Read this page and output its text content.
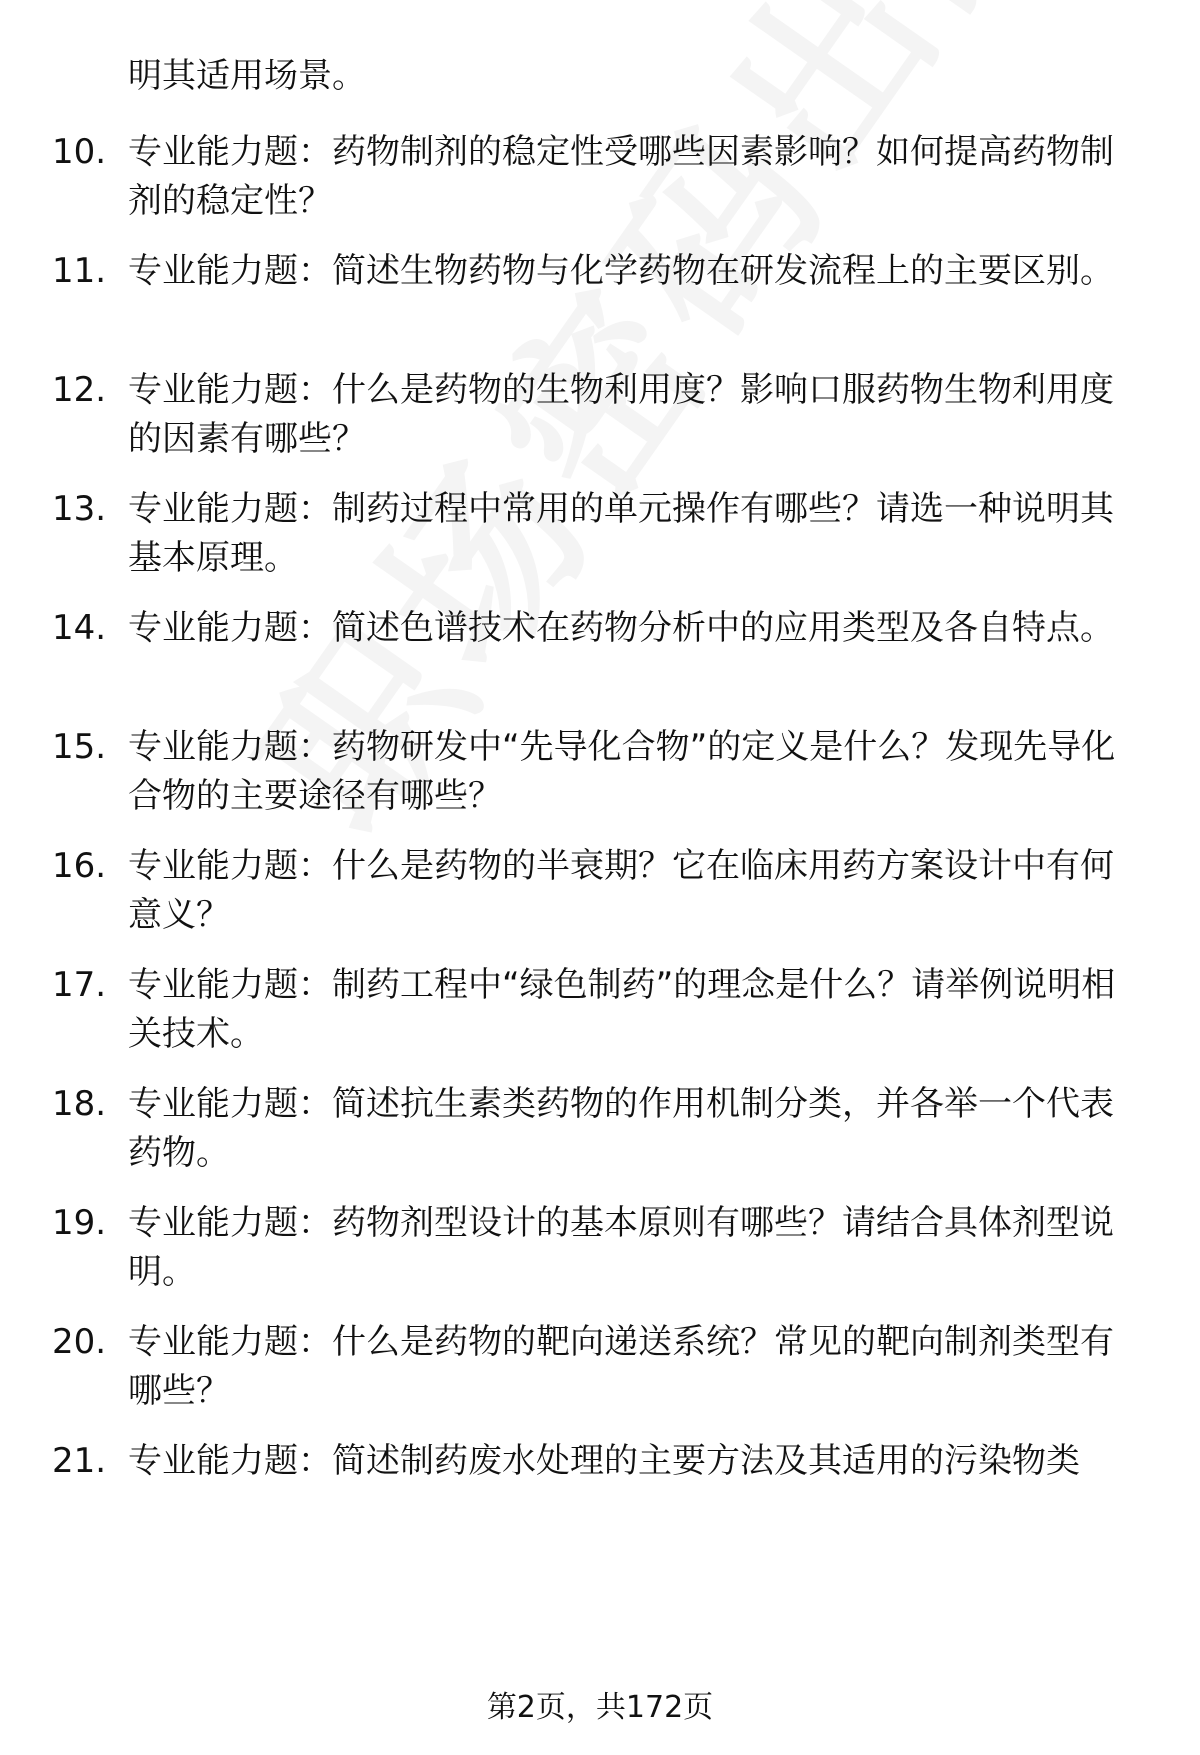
明其适用场景。
10. 专业能力题：药物制剂的稳定性受哪些因素影响？如何提高药物制剂的稳定性？
11. 专业能力题：简述生物药物与化学药物在研发流程上的主要区别。
12. 专业能力题：什么是药物的生物利用度？影响口服药物生物利用度的因素有哪些？
13. 专业能力题：制药过程中常用的单元操作有哪些？请选一种说明其基本原理。
14. 专业能力题：简述色谱技术在药物分析中的应用类型及各自特点。
15. 专业能力题：药物研发中“先导化合物”的定义是什么？发现先导化合物的主要途径有哪些？
16. 专业能力题：什么是药物的半衰期？它在临床用药方案设计中有何意义？
17. 专业能力题：制药工程中“绿色制药”的理念是什么？请举例说明相关技术。
18. 专业能力题：简述抗生素类药物的作用机制分类，并各举一个代表药物。
19. 专业能力题：药物剂型设计的基本原则有哪些？请结合具体剂型说明。
20. 专业能力题：什么是药物的靶向递送系统？常见的靶向制剂类型有哪些？
21. 专业能力题：简述制药废水处理的主要方法及其适用的污染物类
第2页，共172页
